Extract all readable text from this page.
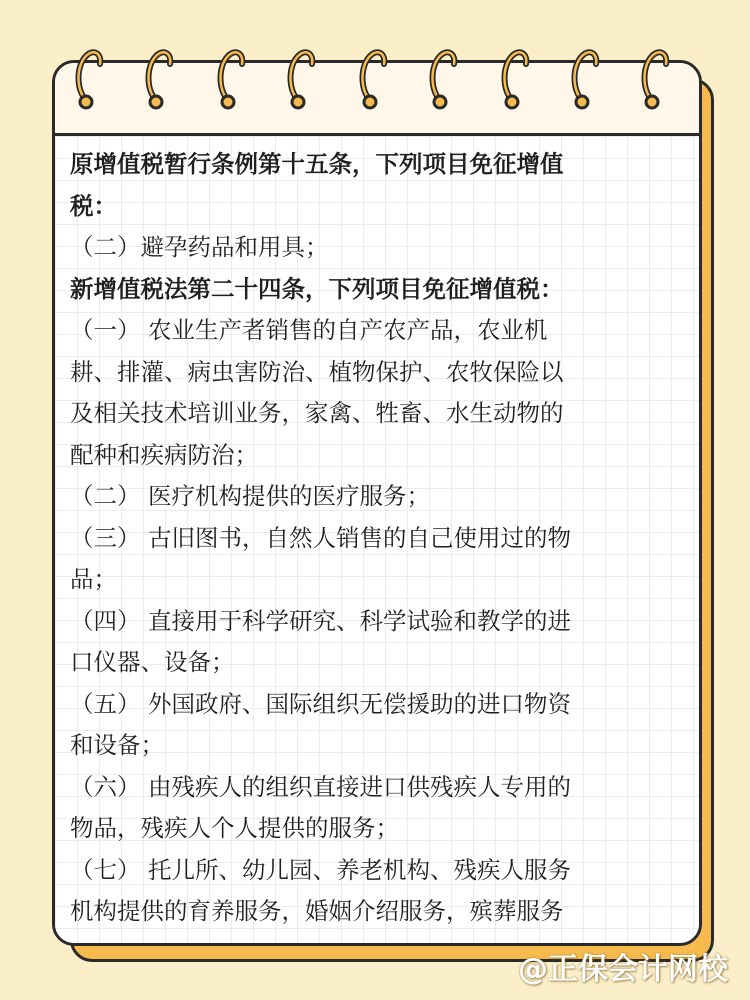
原增值税暂行条例第十五条，下列项目免征增值
税：
（二）避孕药品和用具；
新增值税法第二十四条，下列项目免征增值税：
（一） 农业生产者销售的自产农产品，农业机
耕、排灌、病虫害防治、植物保护、农牧保险以
及相关技术培训业务，家禽、牲畜、水生动物的
配种和疾病防治；
（二） 医疗机构提供的医疗服务；
（三） 古旧图书，自然人销售的自己使用过的物
品；
（四） 直接用于科学研究、科学试验和教学的进
口仪器、设备；
（五） 外国政府、国际组织无偿援助的进口物资
和设备；
（六） 由残疾人的组织直接进口供残疾人专用的
物品，残疾人个人提供的服务；
（七） 托儿所、幼儿园、养老机构、残疾人服务
机构提供的育养服务，婚姻介绍服务，殡葬服务
@正保会计网校
